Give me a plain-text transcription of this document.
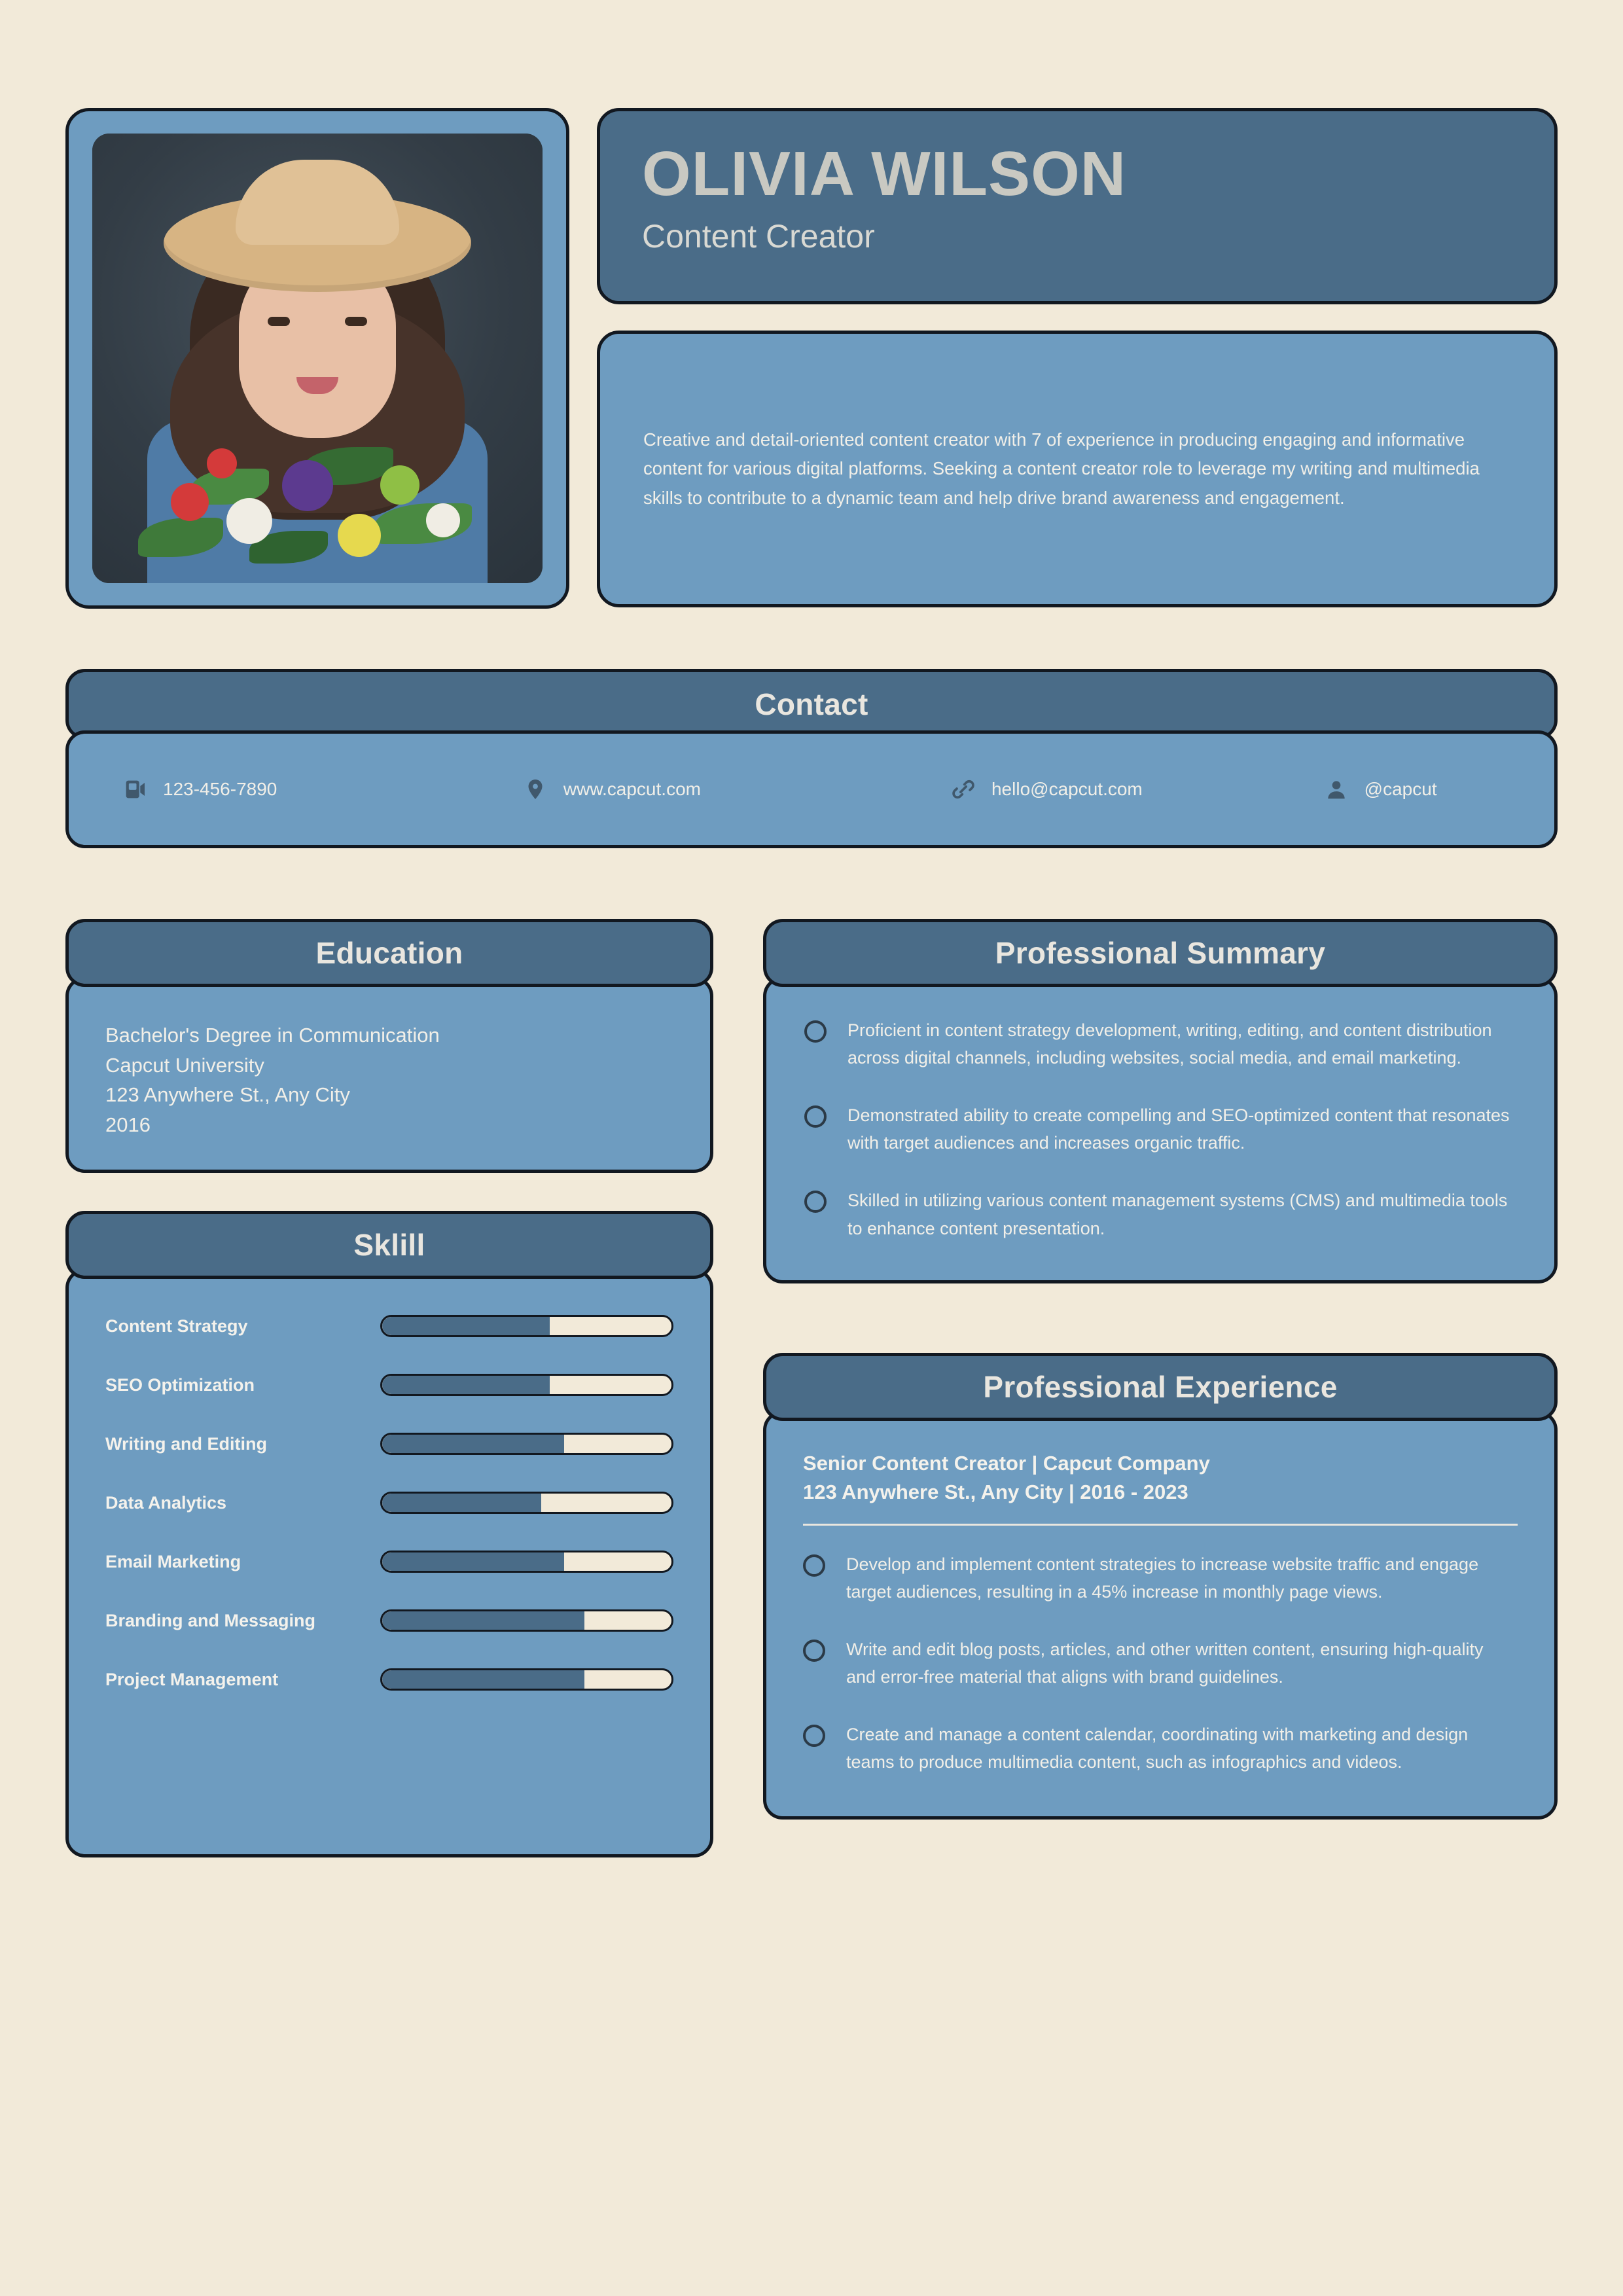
OLIVIA WILSON
Content Creator
Creative and detail-oriented content creator with 7 of experience in producing engaging and informative content for various digital platforms. Seeking a content creator role to leverage my writing and multimedia skills to contribute to a dynamic team and help drive brand awareness and engagement.
Contact
123-456-7890	www.capcut.com	hello@capcut.com	@capcut
Education
Bachelor's Degree in Communication
Capcut University
123 Anywhere St., Any City
2016
Sklill
Content Strategy
SEO Optimization
Writing and Editing
Data Analytics
Email Marketing
Branding and Messaging
Project Management
Professional Summary
Proficient in content strategy development, writing, editing, and content distribution across digital channels, including websites, social media, and email marketing.
Demonstrated ability to create compelling and SEO-optimized content that resonates with target audiences and increases organic traffic.
Skilled in utilizing various content management systems (CMS) and multimedia tools to enhance content presentation.
Professional Experience
Senior Content Creator | Capcut Company
123 Anywhere St., Any City | 2016 - 2023
Develop and implement content strategies to increase website traffic and engage target audiences, resulting in a 45% increase in monthly page views.
Write and edit blog posts, articles, and other written content, ensuring high-quality and error-free material that aligns with brand guidelines.
Create and manage a content calendar, coordinating with marketing and design teams to produce multimedia content, such as infographics and videos.
